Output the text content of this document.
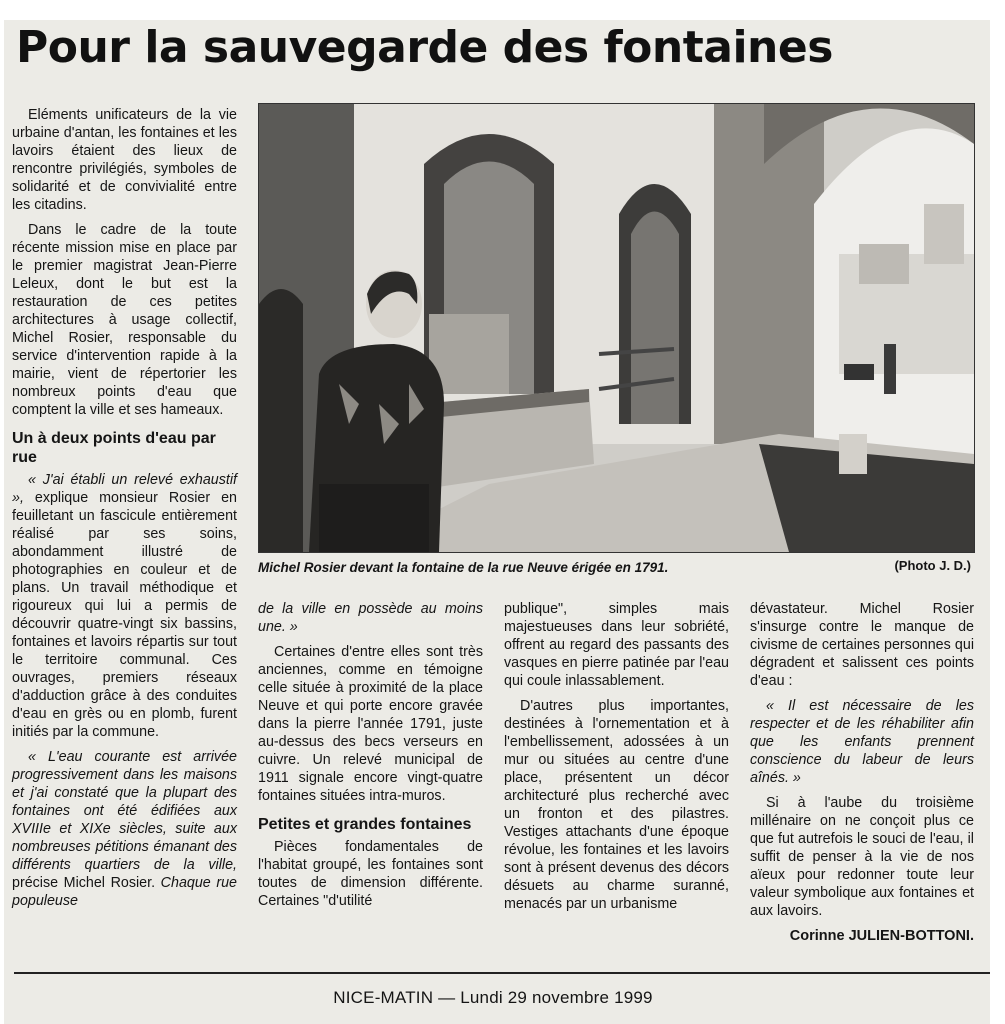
Pour la sauvegarde des fontaines

Eléments unificateurs de la vie urbaine d'antan, les fontaines et les lavoirs étaient des lieux de rencontre privilégiés, symboles de solidarité et de convivialité entre les citadins.

Dans le cadre de la toute récente mission mise en place par le premier magistrat Jean-Pierre Leleux, dont le but est la restauration de ces petites architectures à usage collectif, Michel Rosier, responsable du service d'intervention rapide à la mairie, vient de répertorier les nombreux points d'eau que comptent la ville et ses hameaux.

Un à deux points d'eau par rue

« J'ai établi un relevé exhaustif », explique monsieur Rosier en feuilletant un fascicule entièrement réalisé par ses soins, abondamment illustré de photographies en couleur et de plans. Un travail méthodique et rigoureux qui lui a permis de découvrir quatre-vingt six bassins, fontaines et lavoirs répartis sur tout le territoire communal. Ces ouvrages, premiers réseaux d'adduction grâce à des conduites d'eau en grès ou en plomb, furent initiés par la commune.

« L'eau courante est arrivée progressivement dans les maisons et j'ai constaté que la plupart des fontaines ont été édifiées aux XVIIIe et XIXe siècles, suite aux nombreuses pétitions émanant des différents quartiers de la ville, précise Michel Rosier. Chaque rue populeuse

Michel Rosier devant la fontaine de la rue Neuve érigée en 1791.	(Photo J. D.)

de la ville en possède au moins une. »

Certaines d'entre elles sont très anciennes, comme en témoigne celle située à proximité de la place Neuve et qui porte encore gravée dans la pierre l'année 1791, juste au-dessus des becs verseurs en cuivre. Un relevé municipal de 1911 signale encore vingt-quatre fontaines situées intra-muros.

Petites et grandes fontaines

Pièces fondamentales de l'habitat groupé, les fontaines sont toutes de dimension différente. Certaines "d'utilité

publique", simples mais majestueuses dans leur sobriété, offrent au regard des passants des vasques en pierre patinée par l'eau qui coule inlassablement.

D'autres plus importantes, destinées à l'ornementation et à l'embellissement, adossées à un mur ou situées au centre d'une place, présentent un décor architecturé plus recherché avec un fronton et des pilastres. Vestiges attachants d'une époque révolue, les fontaines et les lavoirs sont à présent devenus des décors désuets au charme suranné, menacés par un urbanisme

dévastateur. Michel Rosier s'insurge contre le manque de civisme de certaines personnes qui dégradent et salissent ces points d'eau :

« Il est nécessaire de les respecter et de les réhabiliter afin que les enfants prennent conscience du labeur de leurs aînés. »

Si à l'aube du troisième millénaire on ne conçoit plus ce que fut autrefois le souci de l'eau, il suffit de penser à la vie de nos aïeux pour redonner toute leur valeur symbolique aux fontaines et aux lavoirs.

Corinne JULIEN-BOTTONI.
NICE-MATIN — Lundi 29 novembre 1999
